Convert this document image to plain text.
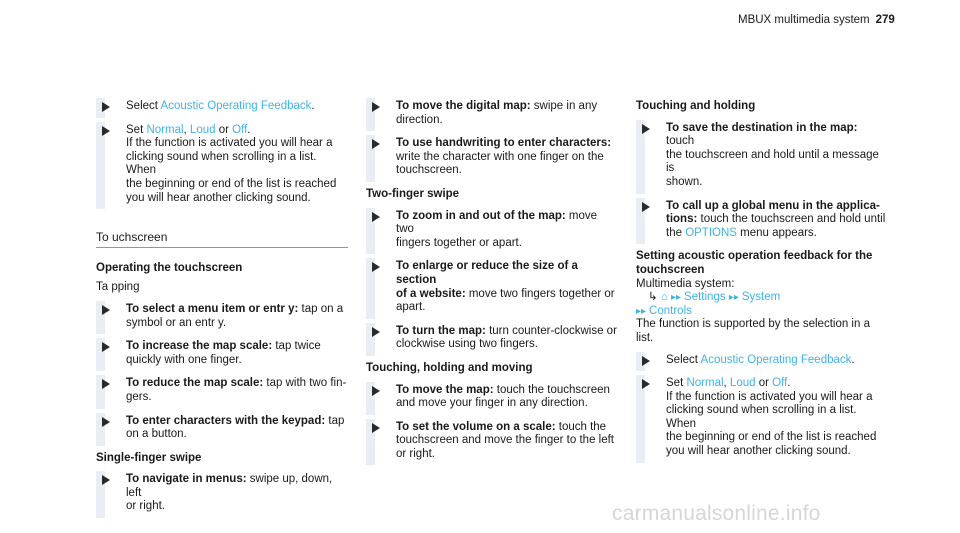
MBUX multimedia system 279
Select Acoustic Operating Feedback.
Set Normal, Loud or Off.
If the function is activated you will hear a
clicking sound when scrolling in a list. When
the beginning or end of the list is reached
you will hear another clicking sound.
To uchscreen
Operating the touchscreen
Ta pping
To select a menu item or entr y: tap on a
symbol or an entr y.
To increase the map scale: tap twice
quickly with one finger.
To reduce the map scale: tap with two fin-
gers.
To enter characters with the keypad: tap
on a button.
Single-finger swipe
To navigate in menus: swipe up, down, left
or right.
To move the digital map: swipe in any
direction.
To use handwriting to enter characters:
write the character with one finger on the
touchscreen.
Two-finger swipe
To zoom in and out of the map: move two
fingers together or apart.
To enlarge or reduce the size of a section
of a website: move two fingers together or
apart.
To turn the map: turn counter-clockwise or
clockwise using two fingers.
Touching, holding and moving
To move the map: touch the touchscreen
and move your finger in any direction.
To set the volume on a scale: touch the
touchscreen and move the finger to the left
or right.
Touching and holding
To save the destination in the map: touch
the touchscreen and hold until a message is
shown.
To call up a global menu in the applica-
tions: touch the touchscreen and hold until
the OPTIONS menu appears.
Setting acoustic operation feedback for the
touchscreen
Multimedia system:
↳ ⌂ ▸▸ Settings ▸▸ System
▸▸ Controls
The function is supported by the selection in a
list.
Select Acoustic Operating Feedback.
Set Normal, Loud or Off.
If the function is activated you will hear a
clicking sound when scrolling in a list. When
the beginning or end of the list is reached
you will hear another clicking sound.
carmanualsonline.info
